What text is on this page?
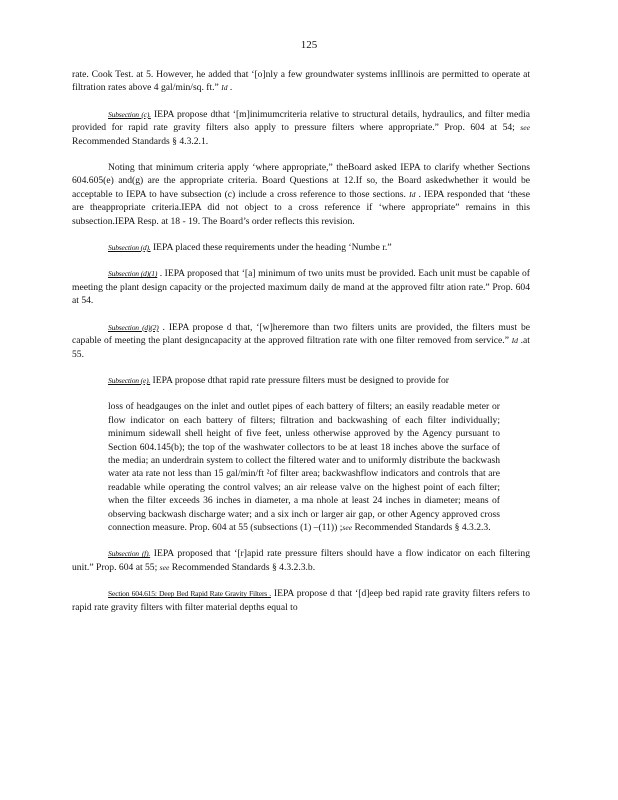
125

rate. Cook Test. at 5. However, he added that ‘[o]nly a few groundwater systems inIllinois are permitted to operate at filtration rates above 4 gal/min/sq. ft.” Id .

Subsection (c). IEPA propose dthat ‘[m]inimumcriteria relative to structural details, hydraulics, and filter media provided for rapid rate gravity filters also apply to pressure filters where appropriate.” Prop. 604 at 54; see Recommended Standards § 4.3.2.1.

Noting that minimum criteria apply ‘where appropriate,” theBoard asked IEPA to clarify whether Sections 604.605(e) and(g) are the appropriate criteria. Board Questions at 12.If so, the Board askedwhether it would be acceptable to IEPA to have subsection (c) include a cross reference to those sections. Id . IEPA responded that ‘these are theappropriate criteria.IEPA did not object to a cross reference if ‘where appropriate” remains in this subsection.IEPA Resp. at 18 - 19. The Board’s order reflects this revision.

Subsection (d). IEPA placed these requirements under the heading ‘Numbe r.”

Subsection (d)(1) . IEPA proposed that ‘[a] minimum of two units must be provided. Each unit must be capable of meeting the plant design capacity or the projected maximum daily de mand at the approved filtr ation rate.” Prop. 604 at 54.

Subsection (d)(2) . IEPA propose d that, ‘[w]heremore than two filters units are provided, the filters must be capable of meeting the plant designcapacity at the approved filtration rate with one filter removed from service.” Id .at 55.

Subsection (e). IEPA propose dthat rapid rate pressure filters must be designed to provide for

loss of headgauges on the inlet and outlet pipes of each battery of filters; an easily readable meter or flow indicator on each battery of filters; filtration and backwashing of each filter individually; minimum sidewall shell height of five feet, unless otherwise approved by the Agency pursuant to Section 604.145(b); the top of the washwater collectors to be at least 18 inches above the surface of the media; an underdrain system to collect the filtered water and to uniformly distribute the backwash water ata rate not less than 15 gal/min/ft ²of filter area; backwashflow indicators and controls that are readable while operating the control valves; an air release valve on the highest point of each filter; when the filter exceeds 36 inches in diameter, a ma nhole at least 24 inches in diameter; means of observing backwash discharge water; and a six inch or larger air gap, or other Agency approved cross connection measure. Prop. 604 at 55 (subsections (1) –(11)) ;see Recommended Standards § 4.3.2.3.

Subsection (f). IEPA proposed that ‘[r]apid rate pressure filters should have a flow indicator on each filtering unit.” Prop. 604 at 55; see Recommended Standards § 4.3.2.3.b.

Section 604.615: Deep Bed Rapid Rate Gravity Filters . IEPA propose d that ‘[d]eep bed rapid rate gravity filters refers to rapid rate gravity filters with filter material depths equal to
